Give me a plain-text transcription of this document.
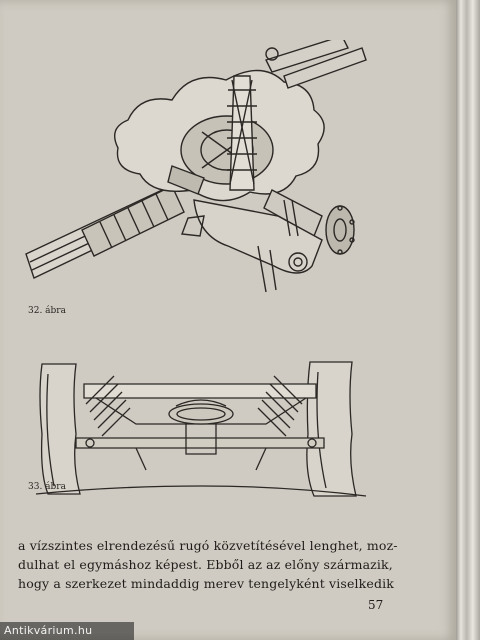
32. ábra
33. ábra
a vízszintes elrendezésű rugó közvetítésével lenghet, moz-
dulhat el egymáshoz képest. Ebből az az előny származik,
hogy a szerkezet mindaddig merev tengelyként viselkedik
57
Antikvárium.hu
